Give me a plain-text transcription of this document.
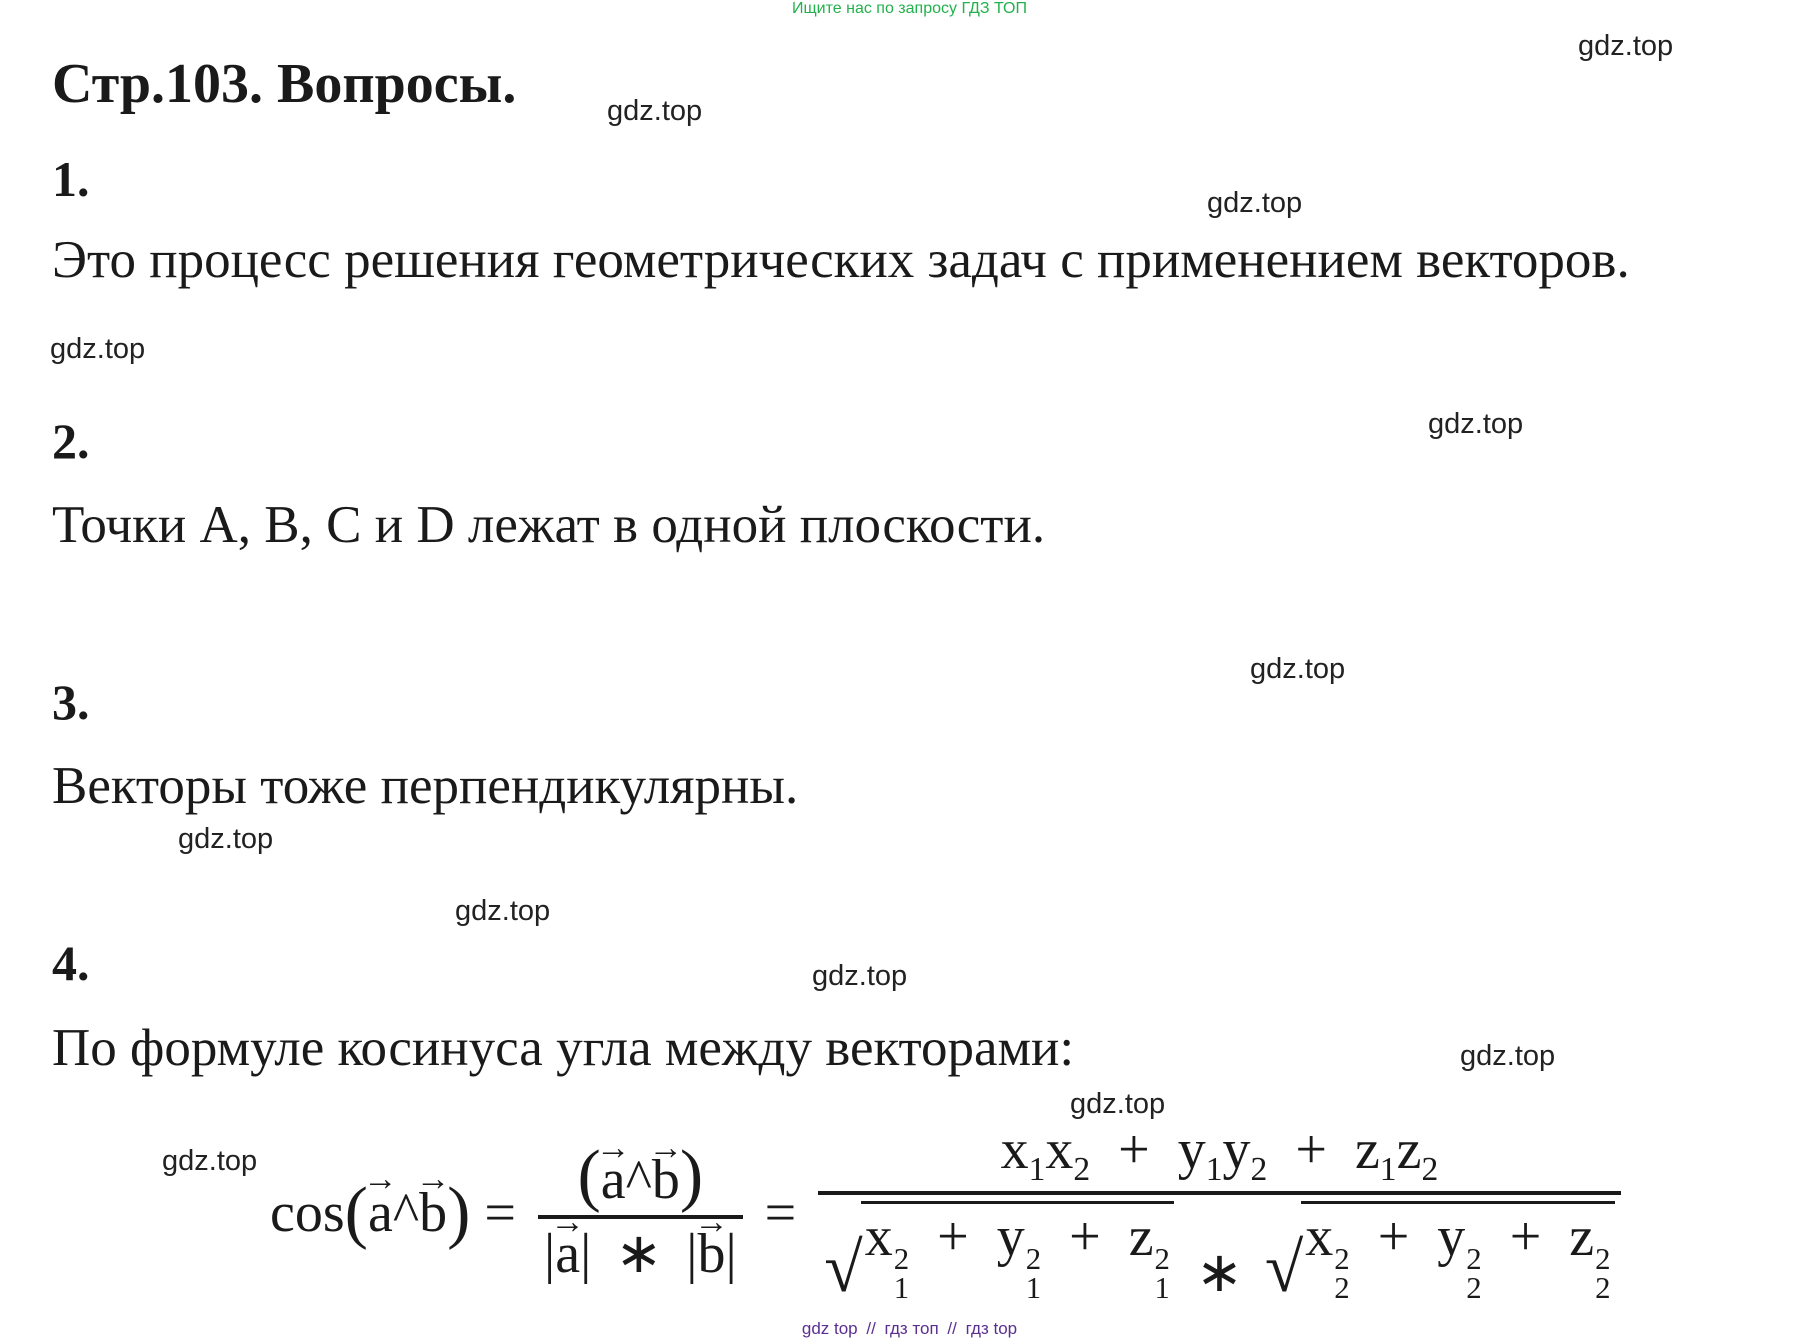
Ищите нас по запросу ГДЗ ТОП
Стр.103. Вопросы.
1.
Это процесс решения геометрических задач с применением векторов.
2.
Точки A, B, C и D лежат в одной плоскости.
3.
Векторы тоже перпендикулярны.
4.
По формуле косинуса угла между векторами:
gdz.top
gdz.top
gdz.top
gdz.top
gdz.top
gdz.top
gdz.top
gdz.top
gdz.top
gdz.top
gdz.top
gdz.top
cos ( → a ^ → b ) = $\frac{(\to a\^{}\to b)}{|\to a| ∗ |\to b|}$ =
$x_1x_2 + y_1y_2 + z_1z_2$
√ x 2
1
+ y 2
1
+ z 2
1 ∗ √ x 2
2
+ y 2
2
+ z 2
2
gdz top // гдз топ // гдз top
